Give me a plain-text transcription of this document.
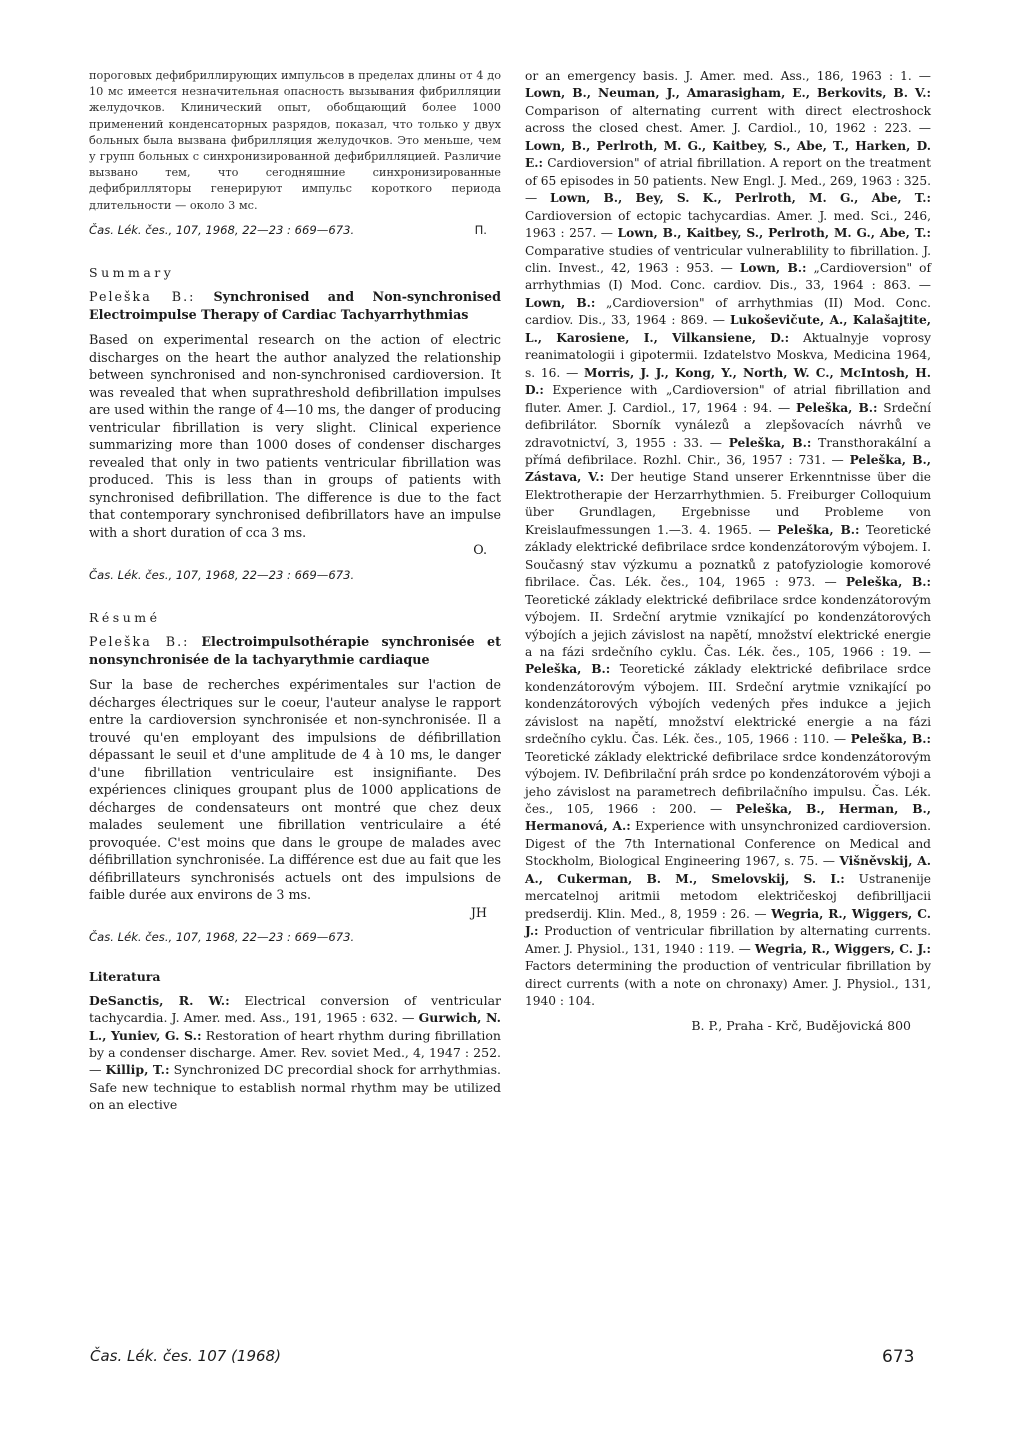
пороговых дефибриллирующих импульсов в пределах длины от 4 до 10 мс имеется незначительная опасность вызывания фибрилляции желудочков. Клинический опыт, обобщающий более 1000 применений конденсаторных разрядов, показал, что только у двух больных была вызвана фибрилляция желудочков. Это меньше, чем у групп больных с синхронизированной дефибрилляцией. Различие вызвано тем, что сегодняшние синхронизированные дефибрилляторы генерируют импульс короткого периода длительности — около 3 мс.

Čas. Lék. čes., 107, 1968, 22—23 : 669—673.	П.
Summary

Peleška B.: Synchronised and Non-synchronised Electroimpulse Therapy of Cardiac Tachyarrhythmias

Based on experimental research on the action of electric discharges on the heart the author analyzed the relationship between synchronised and non-synchronised cardioversion. It was revealed that when suprathreshold defibrillation impulses are used within the range of 4—10 ms, the danger of producing ventricular fibrillation is very slight. Clinical experience summarizing more than 1000 doses of condenser discharges revealed that only in two patients ventricular fibrillation was produced. This is less than in groups of patients with synchronised defibrillation. The difference is due to the fact that contemporary synchronised defibrillators have an impulse with a short duration of cca 3 ms.

O.
Čas. Lék. čes., 107, 1968, 22—23 : 669—673.
Résumé

Peleška B.: Electroimpulsothérapie synchronisée et nonsynchronisée de la tachyarythmie cardiaque

Sur la base de recherches expérimentales sur l'action de décharges électriques sur le coeur, l'auteur analyse le rapport entre la cardioversion synchronisée et non-synchronisée. Il a trouvé qu'en employant des impulsions de défibrillation dépassant le seuil et d'une amplitude de 4 à 10 ms, le danger d'une fibrillation ventriculaire est insignifiante. Des expériences cliniques groupant plus de 1000 applications de décharges de condensateurs ont montré que chez deux malades seulement une fibrillation ventriculaire a été provoquée. C'est moins que dans le groupe de malades avec défibrillation synchronisée. La différence est due au fait que les défibrillateurs synchronisés actuels ont des impulsions de faible durée aux environs de 3 ms.

JH
Čas. Lék. čes., 107, 1968, 22—23 : 669—673.
Literatura

DeSanctis, R. W.: Electrical conversion of ventricular tachycardia. J. Amer. med. Ass., 191, 1965 : 632. — Gurwich, N. L., Yuniev, G. S.: Restoration of heart rhythm during fibrillation by a condenser discharge. Amer. Rev. soviet Med., 4, 1947 : 252. — Killip, T.: Synchronized DC precordial shock for arrhythmias. Safe new technique to establish normal rhythm may be utilized on an elective

or an emergency basis. J. Amer. med. Ass., 186, 1963 : 1. — Lown, B., Neuman, J., Amarasigham, E., Berkovits, B. V.: Comparison of alternating current with direct electroshock across the closed chest. Amer. J. Cardiol., 10, 1962 : 223. — Lown, B., Perlroth, M. G., Kaitbey, S., Abe, T., Harken, D. E.: Cardioversion" of atrial fibrillation. A report on the treatment of 65 episodes in 50 patients. New Engl. J. Med., 269, 1963 : 325. — Lown, B., Bey, S. K., Perlroth, M. G., Abe, T.: Cardioversion of ectopic tachycardias. Amer. J. med. Sci., 246, 1963 : 257. — Lown, B., Kaitbey, S., Perlroth, M. G., Abe, T.: Comparative studies of ventricular vulnerablility to fibrillation. J. clin. Invest., 42, 1963 : 953. — Lown, B.: „Cardioversion" of arrhythmias (I) Mod. Conc. cardiov. Dis., 33, 1964 : 863. — Lown, B.: „Cardioversion" of arrhythmias (II) Mod. Conc. cardiov. Dis., 33, 1964 : 869. — Lukoševičute, A., Kalašajtite, L., Karosiene, I., Vilkansiene, D.: Aktualnyje voprosy reanimatologii i gipotermii. Izdatelstvo Moskva, Medicina 1964, s. 16. — Morris, J. J., Kong, Y., North, W. C., McIntosh, H. D.: Experience with „Cardioversion" of atrial fibrillation and fluter. Amer. J. Cardiol., 17, 1964 : 94. — Peleška, B.: Srdeční defibrilátor. Sborník vynálezů a zlepšovacích návrhů ve zdravotnictví, 3, 1955 : 33. — Peleška, B.: Transthorakální a přímá defibrilace. Rozhl. Chir., 36, 1957 : 731. — Peleška, B., Zástava, V.: Der heutige Stand unserer Erkenntnisse über die Elektrotherapie der Herzarrhythmien. 5. Freiburger Colloquium über Grundlagen, Ergebnisse und Probleme von Kreislaufmessungen 1.—3. 4. 1965. — Peleška, B.: Teoretické základy elektrické defibrilace srdce kondenzátorovým výbojem. I. Současný stav výzkumu a poznatků z patofyziologie komorové fibrilace. Čas. Lék. čes., 104, 1965 : 973. — Peleška, B.: Teoretické základy elektrické defibrilace srdce kondenzátorovým výbojem. II. Srdeční arytmie vznikající po kondenzátorových výbojích a jejich závislost na napětí, množství elektrické energie a na fázi srdečního cyklu. Čas. Lék. čes., 105, 1966 : 19. — Peleška, B.: Teoretické základy elektrické defibrilace srdce kondenzátorovým výbojem. III. Srdeční arytmie vznikající po kondenzátorových výbojích vedených přes indukce a jejich závislost na napětí, množství elektrické energie a na fázi srdečního cyklu. Čas. Lék. čes., 105, 1966 : 110. — Peleška, B.: Teoretické základy elektrické defibrilace srdce kondenzátorovým výbojem. IV. Defibrilační práh srdce po kondenzátorovém výboji a jeho závislost na parametrech defibrilačního impulsu. Čas. Lék. čes., 105, 1966 : 200. — Peleška, B., Herman, B., Hermanová, A.: Experience with unsynchronized cardioversion. Digest of the 7th International Conference on Medical and Stockholm, Biological Engineering 1967, s. 75. — Višněvskij, A. A., Cukerman, B. M., Smelovskij, S. I.: Ustranenije mercatelnoj aritmii metodom električeskoj defibrilljacii predserdij. Klin. Med., 8, 1959 : 26. — Wegria, R., Wiggers, C. J.: Production of ventricular fibrillation by alternating currents. Amer. J. Physiol., 131, 1940 : 119. — Wegria, R., Wiggers, C. J.: Factors determining the production of ventricular fibrillation by direct currents (with a note on chronaxy) Amer. J. Physiol., 131, 1940 : 104.

B. P., Praha - Krč, Budějovická 800
Čas. Lék. čes. 107 (1968)	673
